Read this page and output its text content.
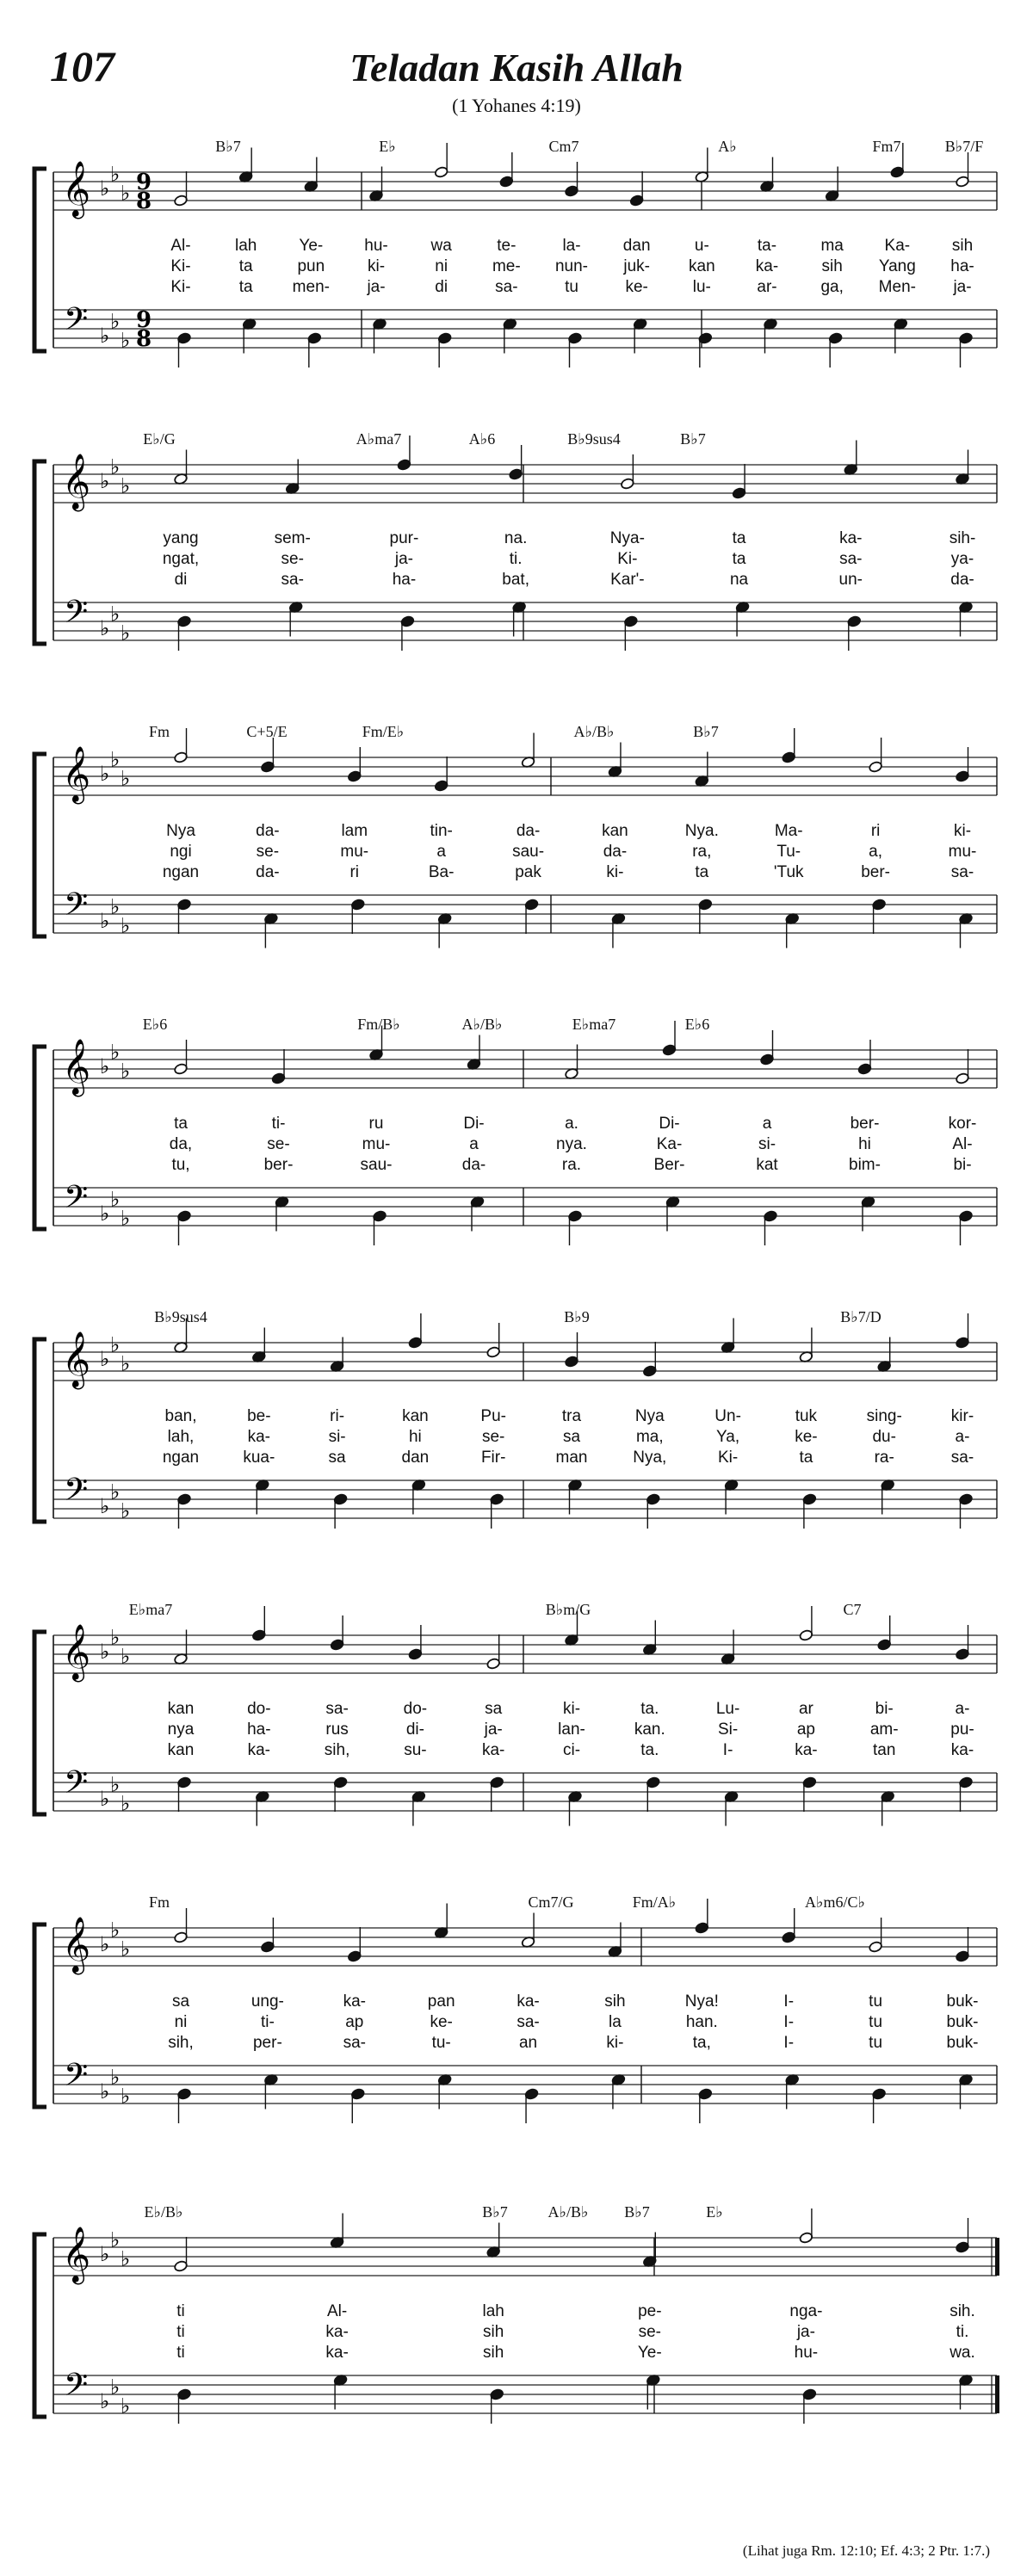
107	Teladan Kasih Allah
(1 Yohanes 4:19)
𝄞
𝄢
♭
♭
♭
♭
♭
♭
9
8
9
8
B♭7	E♭	Cm7	A♭	Fm7	B♭7/F
Al-	lah	Ye-	hu-	wa	te-	la-	dan	u-	ta-	ma	Ka-	sih
Ki-	ta	pun	ki-	ni	me- nun- juk- kan ka-	sih Yang ha-
Ki-	ta men- ja-	di	sa-	tu	ke-	lu-	ar-	ga, Men- ja-
𝄞
𝄢
♭
♭
♭
♭
♭
♭
E♭/G	A♭ma7	A♭6	B♭9sus4	B♭7
yang	sem-	pur-	na.	Nya-	ta	ka-	sih-
ngat,	se-	ja-	ti.	Ki-	ta	sa-	ya-
di	sa-	ha-	bat,	Kar'-	na	un-	da-
𝄞
𝄢
♭
♭
♭
♭
♭
♭
Fm	C+5/E	Fm/E♭	A♭/B♭	B♭7
Nya	da-	lam	tin-	da-	kan	Nya.	Ma-	ri	ki-
ngi	se-	mu-	a	sau-	da-	ra,	Tu-	a,	mu-
ngan	da-	ri	Ba-	pak	ki-	ta	'Tuk	ber-	sa-
𝄞
𝄢
♭
♭
♭
♭
♭
♭
E♭6	Fm/B♭	A♭/B♭	E♭ma7	E♭6
ta	ti-	ru	Di-	a.	Di-	a	ber-	kor-
da,	se-	mu-	a	nya.	Ka-	si-	hi	Al-
tu,	ber-	sau-	da-	ra.	Ber-	kat	bim-	bi-
𝄞
𝄢
♭
♭
♭
♭
♭
♭
B♭9sus4	B♭9	B♭7/D
ban,	be-	ri-	kan	Pu-	tra	Nya	Un-	tuk	sing-	kir-
lah,	ka-	si-	hi	se-	sa	ma,	Ya,	ke-	du-	a-
ngan	kua-	sa	dan	Fir-	man	Nya,	Ki-	ta	ra-	sa-
𝄞
𝄢
♭
♭
♭
♭
♭
♭
E♭ma7	B♭m/G	C7
kan	do-	sa-	do-	sa	ki-	ta.	Lu-	ar	bi-	a-
nya	ha-	rus	di-	ja-	lan-	kan.	Si-	ap	am-	pu-
kan	ka-	sih,	su-	ka-	ci-	ta.	I-	ka-	tan	ka-
𝄞
𝄢
♭
♭
♭
♭
♭
♭
Fm	Cm7/G	Fm/A♭	A♭m6/C♭
sa	ung-	ka-	pan	ka-	sih	Nya!	I-	tu	buk-
ni	ti-	ap	ke-	sa-	la	han.	I-	tu	buk-
sih,	per-	sa-	tu-	an	ki-	ta,	I-	tu	buk-
𝄞
𝄢
♭
♭
♭
♭
♭
♭
E♭/B♭	B♭7	A♭/B♭ B♭7	E♭
ti	Al-	lah	pe-	nga-	sih.
ti	ka-	sih	se-	ja-	ti.
ti	ka-	sih	Ye-	hu-	wa.
(Lihat juga Rm. 12:10; Ef. 4:3; 2 Ptr. 1:7.)
